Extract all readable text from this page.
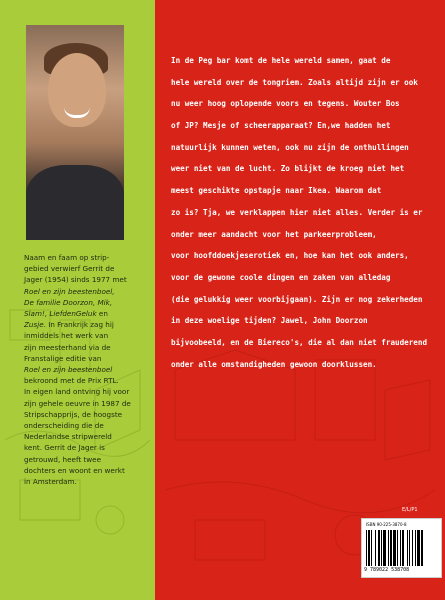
Naam en faam op strip-
gebied verwierf Gerrit de
Jager (1954) sinds 1977 met
Roel en zijn beestenboel,
De familie Doorzon, Mik,
Slam!, LiefdenGeluk en
Zusje. In Frankrijk zag hij
inmiddels het werk van
zijn meesterhand via de
Franstalige editie van
Roel en zijn beestenboel
bekroond met de Prix RTL.
In eigen land ontving hij voor
zijn gehele oeuvre in 1987 de
Stripschapprijs, de hoogste
onderscheiding die de
Nederlandse stripwereld
kent. Gerrit de Jager is
getrouwd, heeft twee
dochters en woont en werkt
in Amsterdam.
In de Peg bar komt de hele wereld samen, gaat de
hele wereld over de tongriem. Zoals altijd zijn er ook
nu weer hoog oplopende voors en tegens. Wouter Bos
of JP? Mesje of scheerapparaat? En,we hadden het
natuurlijk kunnen weten, ook nu zijn de onthullingen
weer niet van de lucht. Zo blijkt de kroeg niet het
meest geschikte opstapje naar Ikea. Waarom dat
zo is? Tja, we verklappen hier niet alles. Verder is er
onder meer aandacht voor het parkeerprobleem,
voor hoofddoekjeserotiek en, hoe kan het ook anders,
voor de gewone coole dingen en zaken van alledag
(die gelukkig weer voorbijgaan). Zijn er nog zekerheden
in deze woelige tijden? Jawel, John Doorzon
bijvoobeeld, en de Biereco's, die al dan niet frauderend
onder alle omstandigheden gewoon doorklussen.
E/L/P1
ISBN 90-225-3870-8
9 789022 538708
